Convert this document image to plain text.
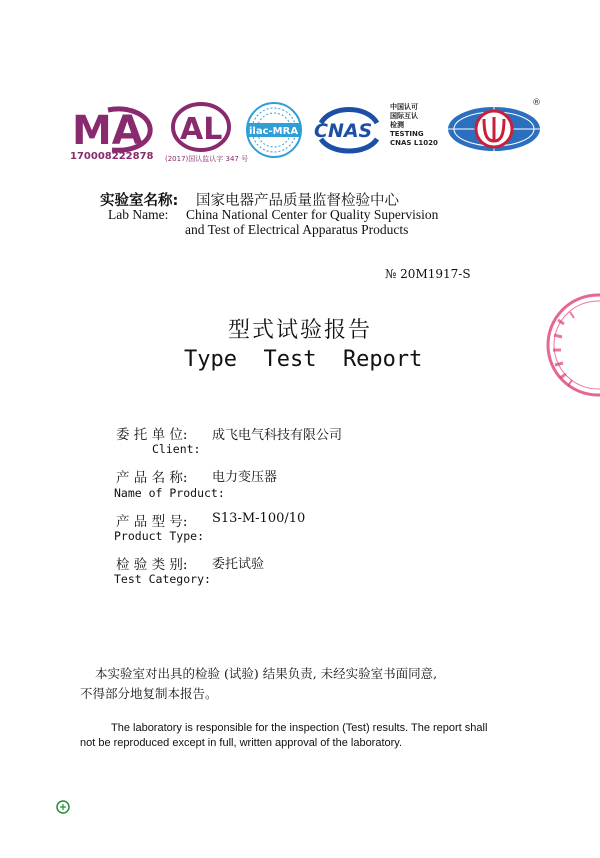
MA
170008222878
AL
(2017)国认监认字 347 号
ilac-MRA CNAS
中国认可
国际互认
检测
TESTING
CNAS L1020
®
实验室名称: 国家电器产品质量监督检验中心
Lab Name: China National Center for Quality Supervision
and Test of Electrical Apparatus Products
№ 20M1917-S
型式试验报告
Type  Test  Report
委 托 单 位: 成飞电气科技有限公司
Client:
产 品 名 称: 电力变压器
Name of Product:
产 品 型 号: S13-M-100/10
Product Type:
检 验 类 别: 委托试验
Test Category:
本实验室对出具的检验 (试验) 结果负责, 未经实验室书面同意,
不得部分地复制本报告。
The laboratory is responsible for the inspection (Test) results. The report shall
not be reproduced except in full, written approval of the laboratory.
